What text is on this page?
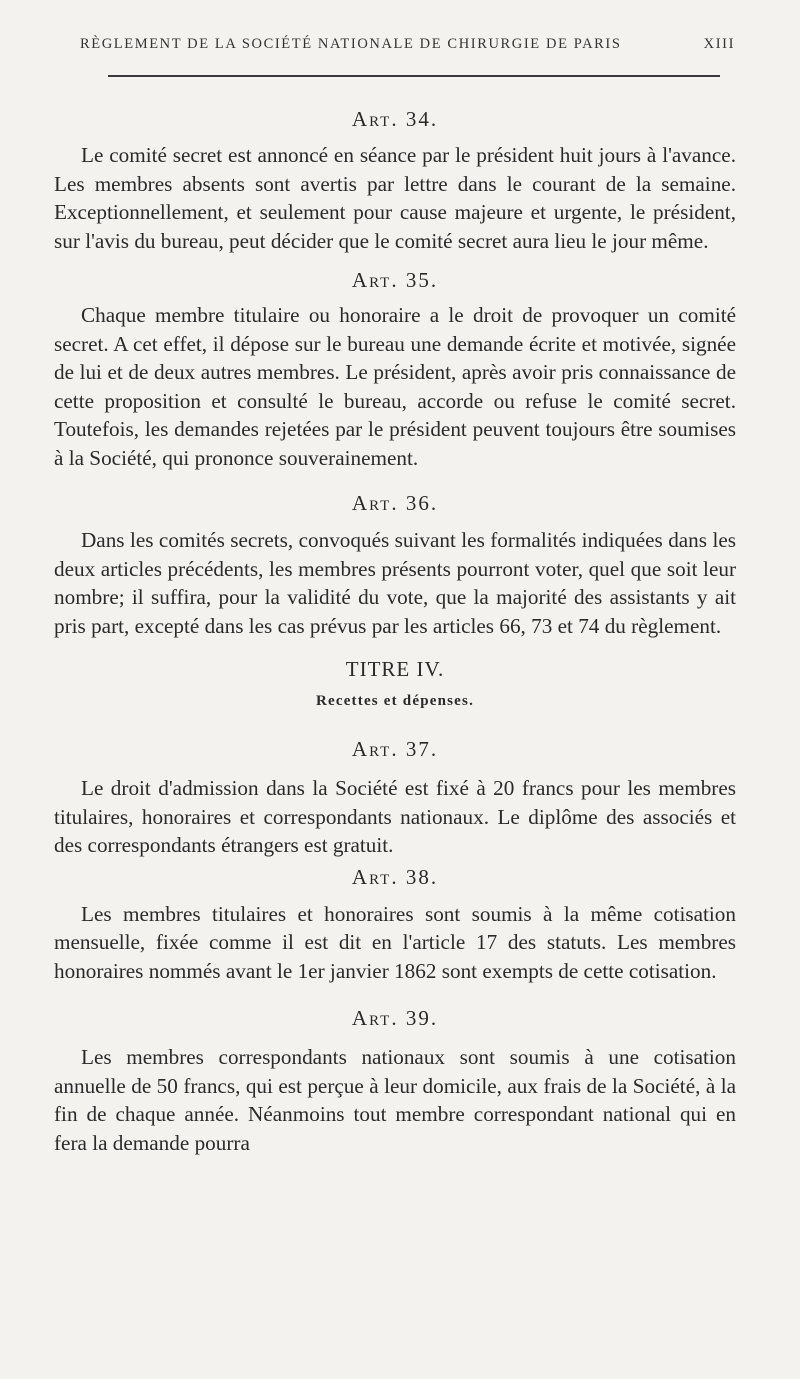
RÈGLEMENT DE LA SOCIÉTÉ NATIONALE DE CHIRURGIE DE PARIS	XIII

Art. 34.

Le comité secret est annoncé en séance par le président huit jours à l'avance. Les membres absents sont avertis par lettre dans le courant de la semaine. Exceptionnellement, et seulement pour cause majeure et urgente, le président, sur l'avis du bureau, peut décider que le comité secret aura lieu le jour même.

Art. 35.

Chaque membre titulaire ou honoraire a le droit de provoquer un comité secret. A cet effet, il dépose sur le bureau une demande écrite et motivée, signée de lui et de deux autres membres. Le président, après avoir pris connaissance de cette proposition et consulté le bureau, accorde ou refuse le comité secret. Toutefois, les demandes rejetées par le président peuvent toujours être soumises à la Société, qui prononce souverainement.

Art. 36.

Dans les comités secrets, convoqués suivant les formalités indiquées dans les deux articles précédents, les membres présents pourront voter, quel que soit leur nombre; il suffira, pour la validité du vote, que la majorité des assistants y ait pris part, excepté dans les cas prévus par les articles 66, 73 et 74 du règlement.

TITRE IV.

Recettes et dépenses.

Art. 37.

Le droit d'admission dans la Société est fixé à 20 francs pour les membres titulaires, honoraires et correspondants nationaux. Le diplôme des associés et des correspondants étrangers est gratuit.

Art. 38.

Les membres titulaires et honoraires sont soumis à la même cotisation mensuelle, fixée comme il est dit en l'article 17 des statuts. Les membres honoraires nommés avant le 1er janvier 1862 sont exempts de cette cotisation.

Art. 39.

Les membres correspondants nationaux sont soumis à une cotisation annuelle de 50 francs, qui est perçue à leur domicile, aux frais de la Société, à la fin de chaque année. Néanmoins tout membre correspondant national qui en fera la demande pourra
